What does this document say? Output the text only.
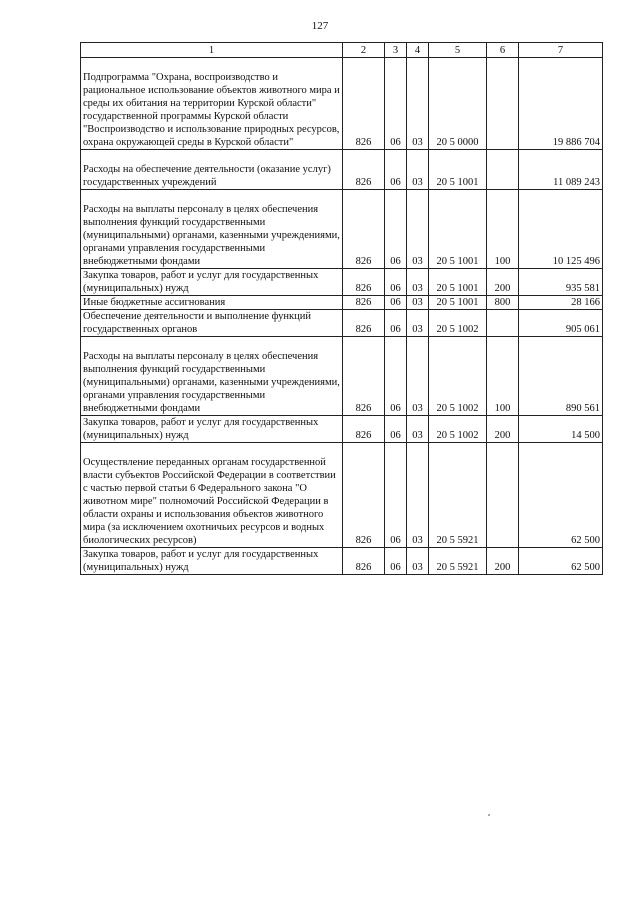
127
1	2	3	4	5	6	7

Подпрограмма "Охрана, воспроизводство и рациональное использование объектов животного мира и среды их обитания на территории Курской области" государственной программы Курской области "Воспроизводство и использование природных ресурсов, охрана окружающей среды в Курской области"	826	06	03	20 5 0000		19 886 704

Расходы на обеспечение деятельности (оказание услуг) государственных учреждений	826	06	03	20 5 1001		11 089 243

Расходы на выплаты персоналу в целях обеспечения выполнения функций государственными (муниципальными) органами, казенными учреждениями, органами управления государственными внебюджетными фондами	826	06	03	20 5 1001	100	10 125 496
Закупка товаров, работ и услуг для государственных (муниципальных) нужд	826	06	03	20 5 1001	200	935 581
Иные бюджетные ассигнования	826	06	03	20 5 1001	800	28 166
Обеспечение деятельности и выполнение функций государственных органов	826	06	03	20 5 1002		905 061

Расходы на выплаты персоналу в целях обеспечения выполнения функций государственными (муниципальными) органами, казенными учреждениями, органами управления государственными внебюджетными фондами	826	06	03	20 5 1002	100	890 561
Закупка товаров, работ и услуг для государственных (муниципальных) нужд	826	06	03	20 5 1002	200	14 500

Осуществление переданных органам государственной власти субъектов Российской Федерации в соответствии с частью первой статьи 6 Федерального закона "О животном мире" полномочий Российской Федерации в области охраны и использования объектов животного мира (за исключением охотничьих ресурсов и водных биологических ресурсов)	826	06	03	20 5 5921		62 500
Закупка товаров, работ и услуг для государственных (муниципальных) нужд	826	06	03	20 5 5921	200	62 500
